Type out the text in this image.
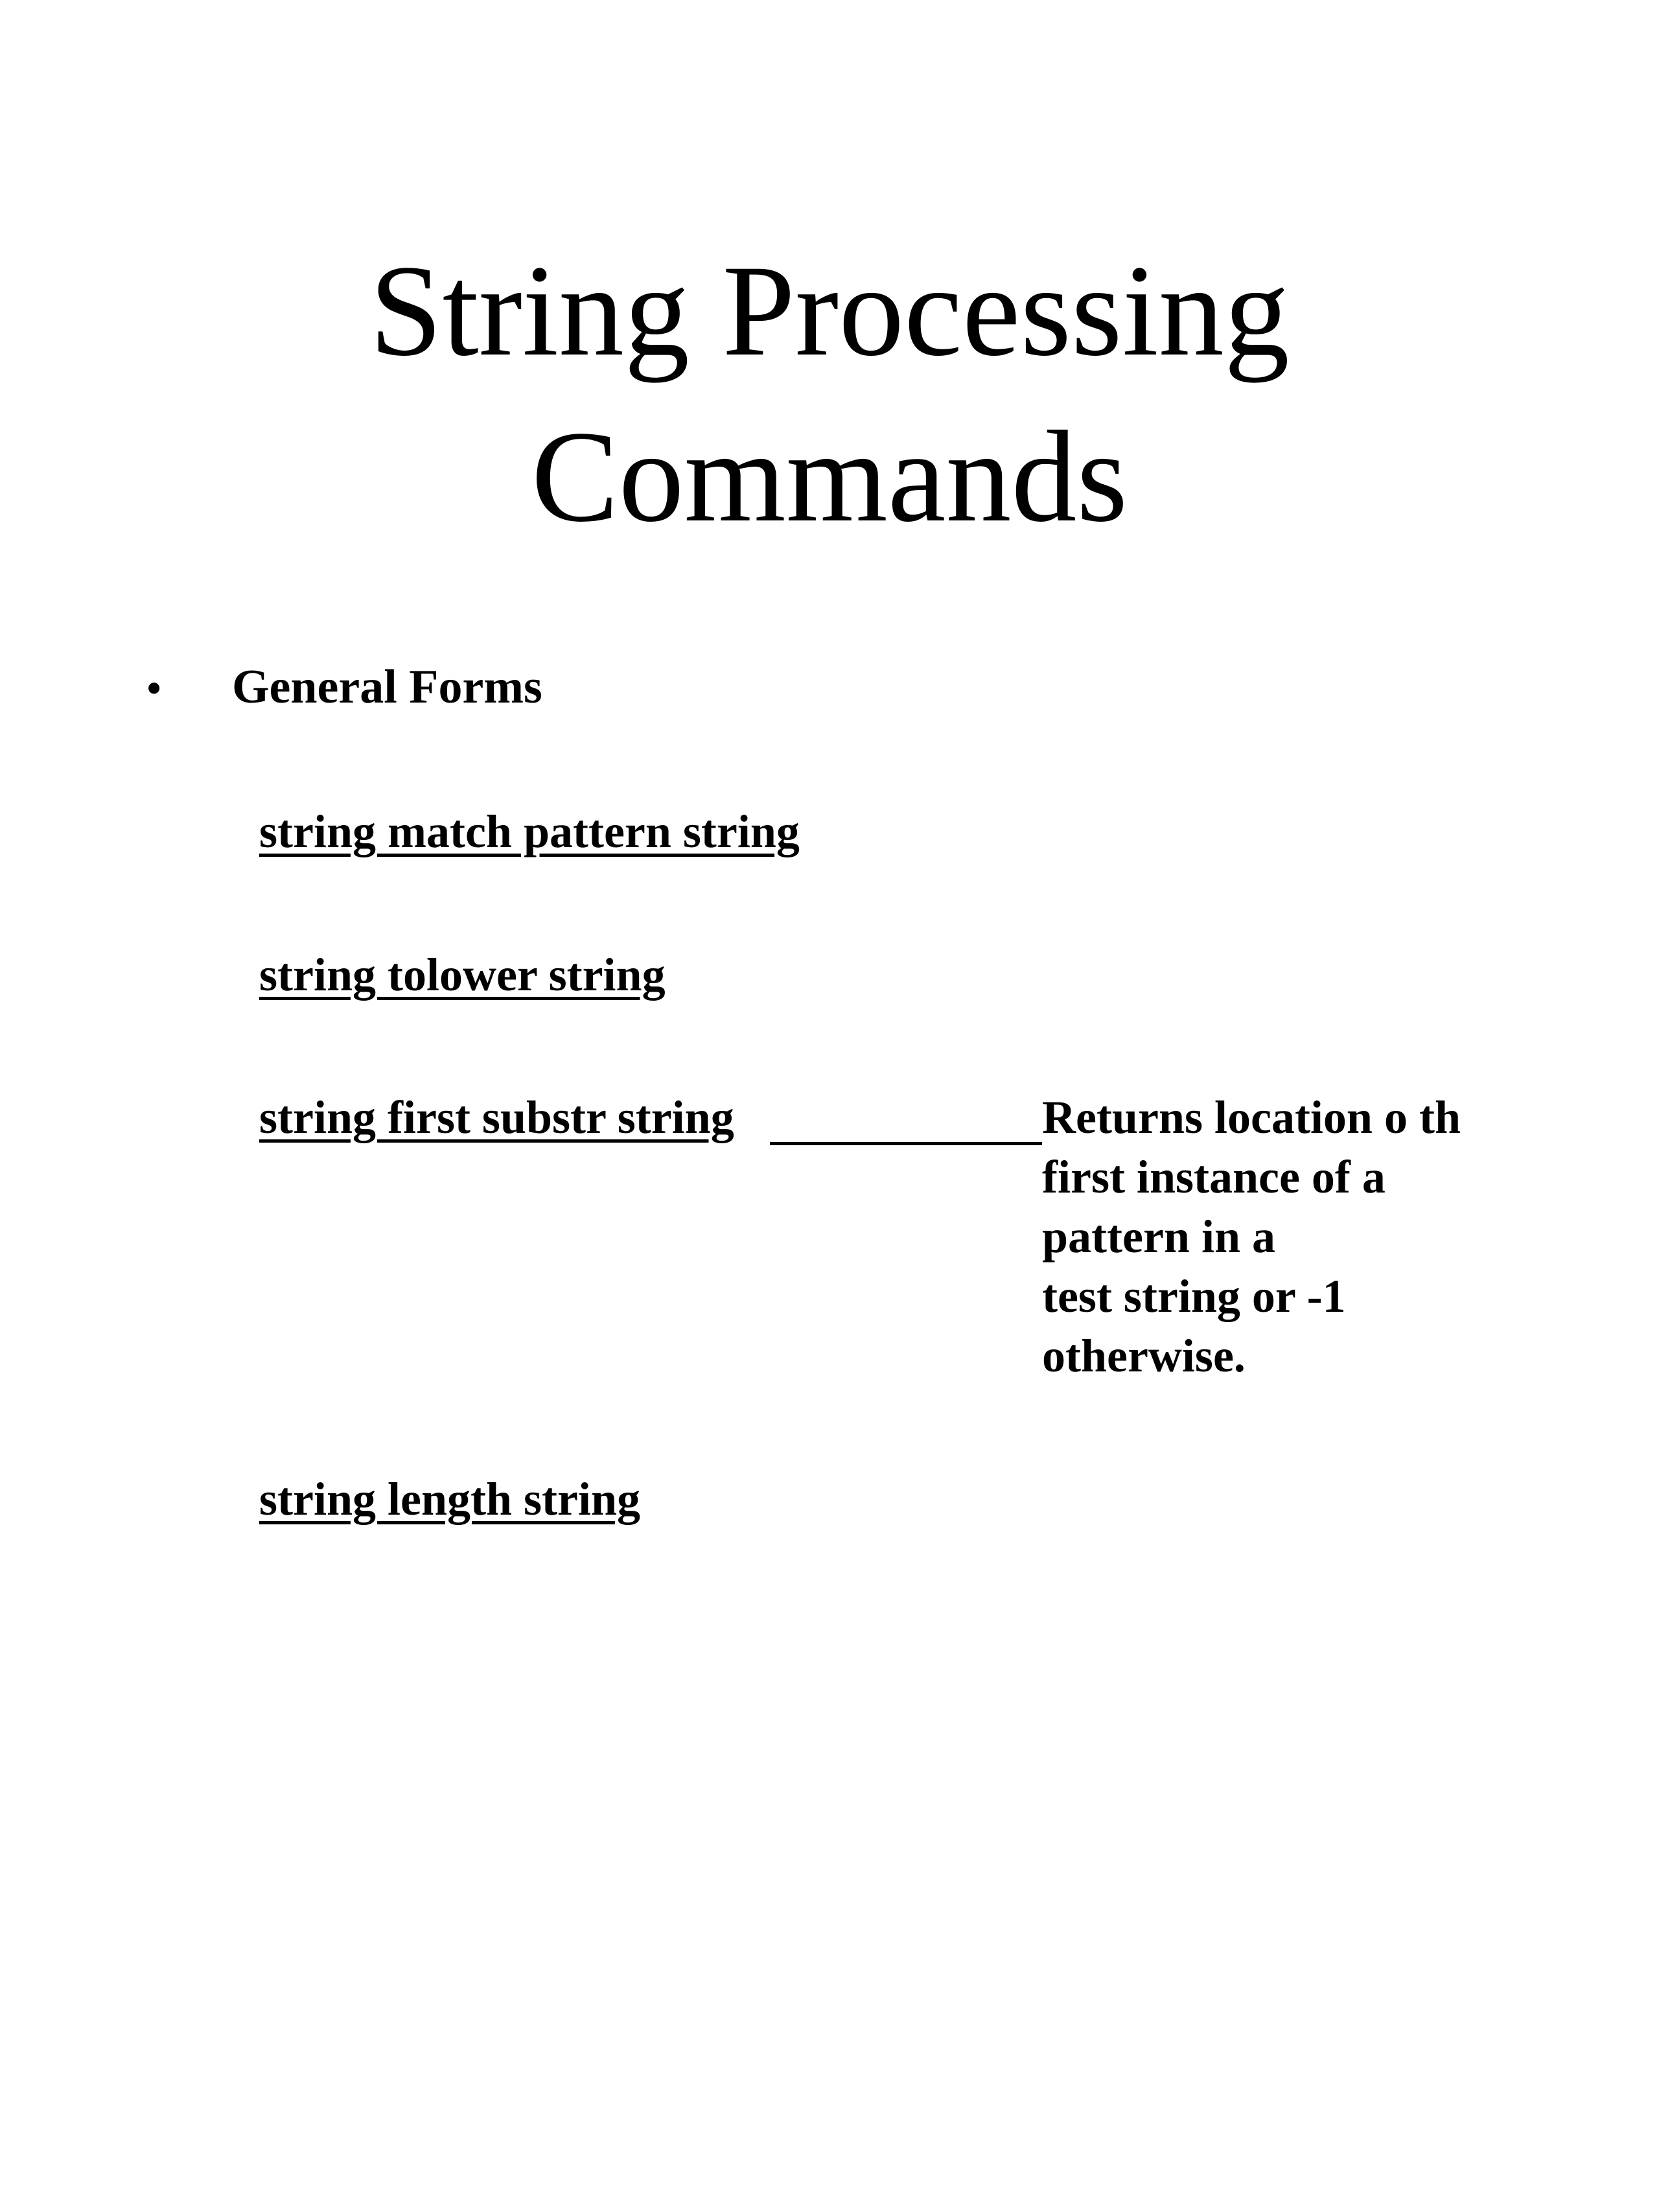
String Processing
Commands
• General Forms
string match pattern string
string tolower string
string first substr string
string length string
Returns location o th
first instance of a
pattern in a
test string or -1
otherwise.
